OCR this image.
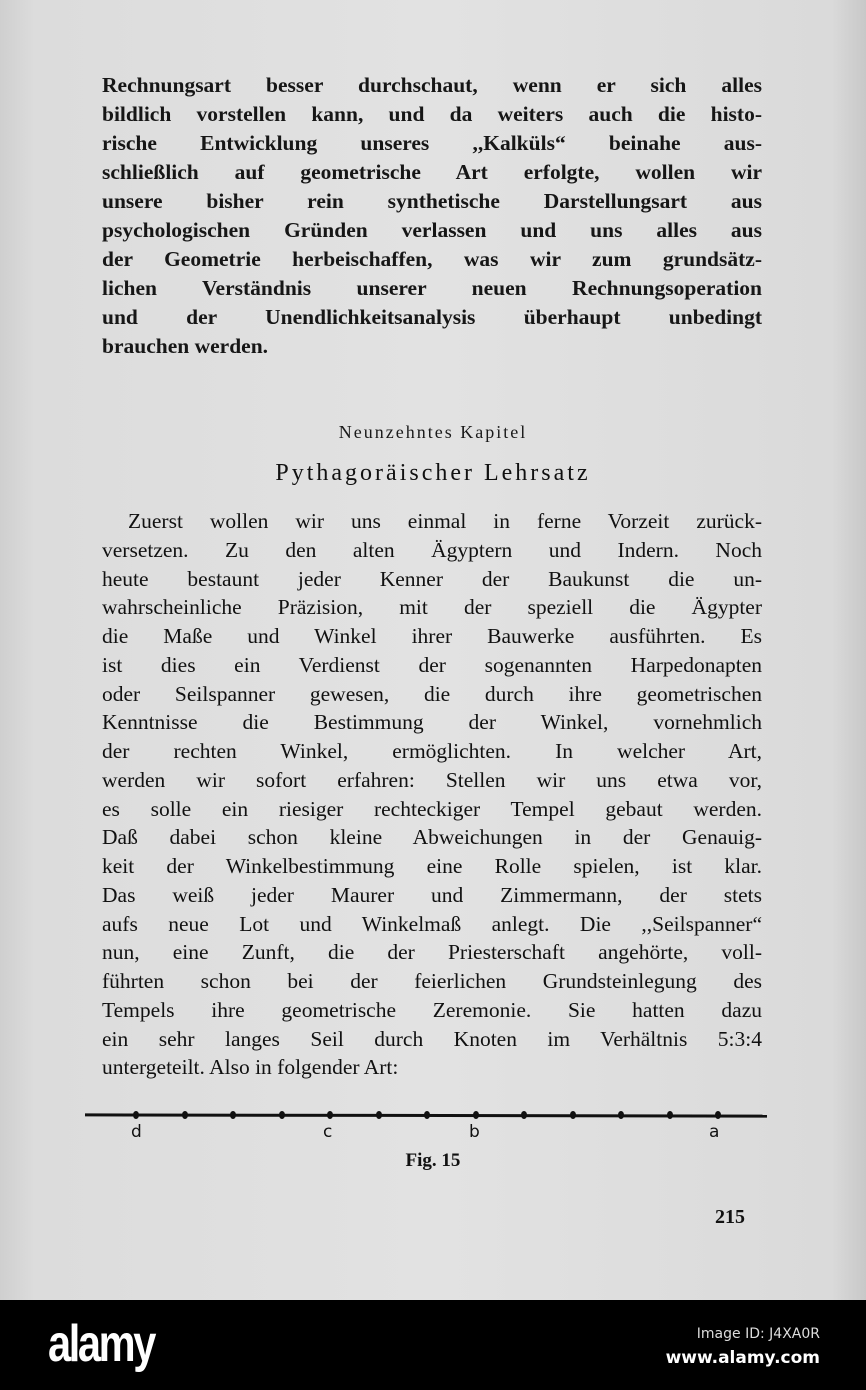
Rechnungsart besser durchschaut, wenn er sich alles
bildlich vorstellen kann, und da weiters auch die histo-
rische Entwicklung unseres ,,Kalküls“ beinahe aus-
schließlich auf geometrische Art erfolgte, wollen wir
unsere bisher rein synthetische Darstellungsart aus
psychologischen Gründen verlassen und uns alles aus
der Geometrie herbeischaffen, was wir zum grundsätz-
lichen Verständnis unserer neuen Rechnungsoperation
und der Unendlichkeitsanalysis überhaupt unbedingt
brauchen werden.
Neunzehntes Kapitel
Pythagoräischer Lehrsatz
Zuerst wollen wir uns einmal in ferne Vorzeit zurück-
versetzen. Zu den alten Ägyptern und Indern. Noch
heute bestaunt jeder Kenner der Baukunst die un-
wahrscheinliche Präzision, mit der speziell die Ägypter
die Maße und Winkel ihrer Bauwerke ausführten. Es
ist dies ein Verdienst der sogenannten Harpedonapten
oder Seilspanner gewesen, die durch ihre geometrischen
Kenntnisse die Bestimmung der Winkel, vornehmlich
der rechten Winkel, ermöglichten. In welcher Art,
werden wir sofort erfahren: Stellen wir uns etwa vor,
es solle ein riesiger rechteckiger Tempel gebaut werden.
Daß dabei schon kleine Abweichungen in der Genauig-
keit der Winkelbestimmung eine Rolle spielen, ist klar.
Das weiß jeder Maurer und Zimmermann, der stets
aufs neue Lot und Winkelmaß anlegt. Die ,,Seilspanner“
nun, eine Zunft, die der Priesterschaft angehörte, voll-
führten schon bei der feierlichen Grundsteinlegung des
Tempels ihre geometrische Zeremonie. Sie hatten dazu
ein sehr langes Seil durch Knoten im Verhältnis 5:3:4
untergeteilt. Also in folgender Art:
d	c	b	a
Fig. 15
215
alamy	Image ID: J4XA0R
www.alamy.com
